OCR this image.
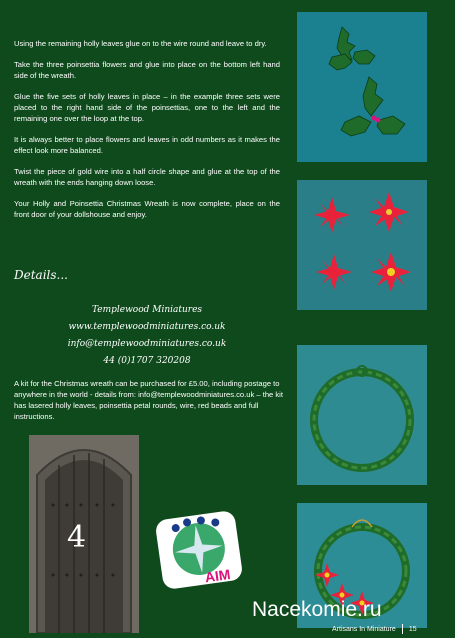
Using the remaining holly leaves glue on to the wire round and leave to dry.

Take the three poinsettia flowers and glue into place on the bottom left hand side of the wreath.

Glue the five sets of holly leaves in place – in the example three sets were placed to the right hand side of the poinsettias, one to the left and the remaining one over the loop at the top.

It is always better to place flowers and leaves in odd numbers as it makes the effect look more balanced.

Twist the piece of gold wire into a half circle shape and glue at the top of the wreath with the ends hanging down loose.

Your Holly and Poinsettia Christmas Wreath is now complete, place on the front door of your dollshouse and enjoy.

Details...
Templewood Miniatures
www.templewoodminiatures.co.uk
info@templewoodminiatures.co.uk
44 (0)1707 320208
A kit for the Christmas wreath can be purchased for £5.00, including postage to anywhere in the world - details from: info@templewoodminiatures.co.uk – the kit has lasered holly leaves, poinsettia petal rounds, wire, red beads and full instructions.
4
AIM
Nacekomie.ru
Artisans In Miniature 15
